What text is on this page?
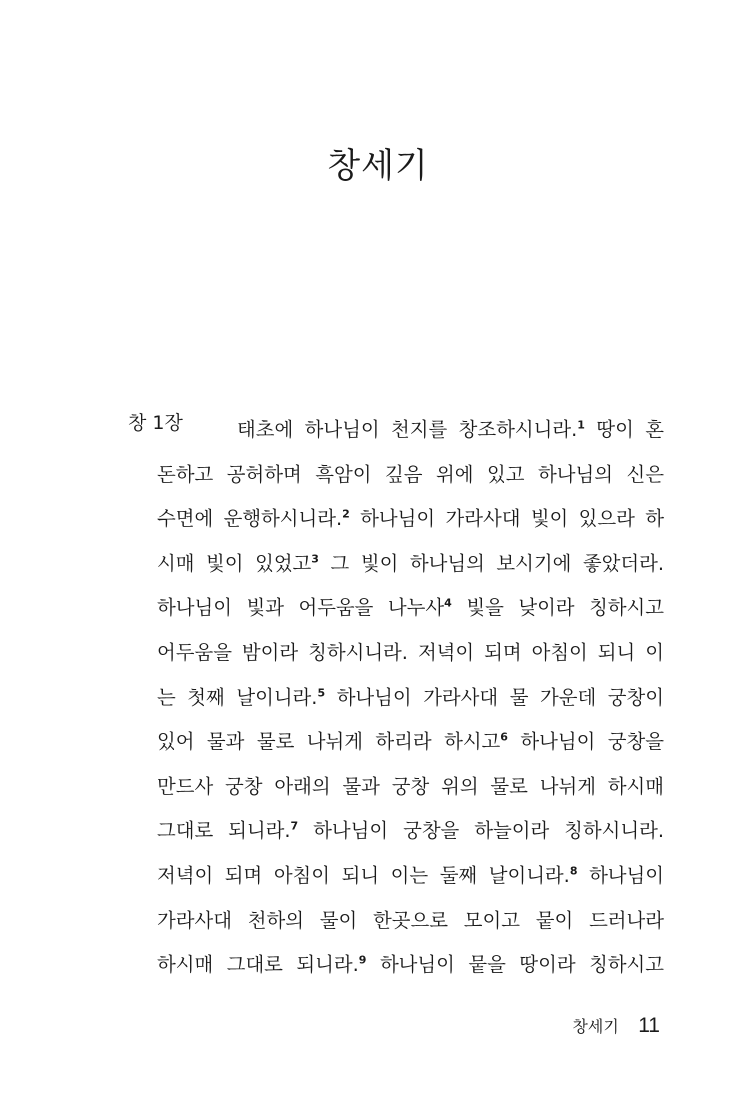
창세기
창 1장	태초에 하나님이 천지를 창조하시니라.$^1$ 땅이 혼
돈하고 공허하며 흑암이 깊음 위에 있고 하나님의 신은
수면에 운행하시니라.$^2$ 하나님이 가라사대 빛이 있으라 하
시매 빛이 있었고$^3$ 그 빛이 하나님의 보시기에 좋았더라.
하나님이 빛과 어두움을 나누사$^4$ 빛을 낮이라 칭하시고
어두움을 밤이라 칭하시니라. 저녁이 되며 아침이 되니 이
는 첫째 날이니라.$^5$ 하나님이 가라사대 물 가운데 궁창이
있어 물과 물로 나뉘게 하리라 하시고$^6$ 하나님이 궁창을
만드사 궁창 아래의 물과 궁창 위의 물로 나뉘게 하시매
그대로 되니라.$^7$ 하나님이 궁창을 하늘이라 칭하시니라.
저녁이 되며 아침이 되니 이는 둘째 날이니라.$^8$ 하나님이
가라사대 천하의 물이 한곳으로 모이고 뭍이 드러나라
하시매 그대로 되니라.$^9$ 하나님이 뭍을 땅이라 칭하시고
창세기 11
